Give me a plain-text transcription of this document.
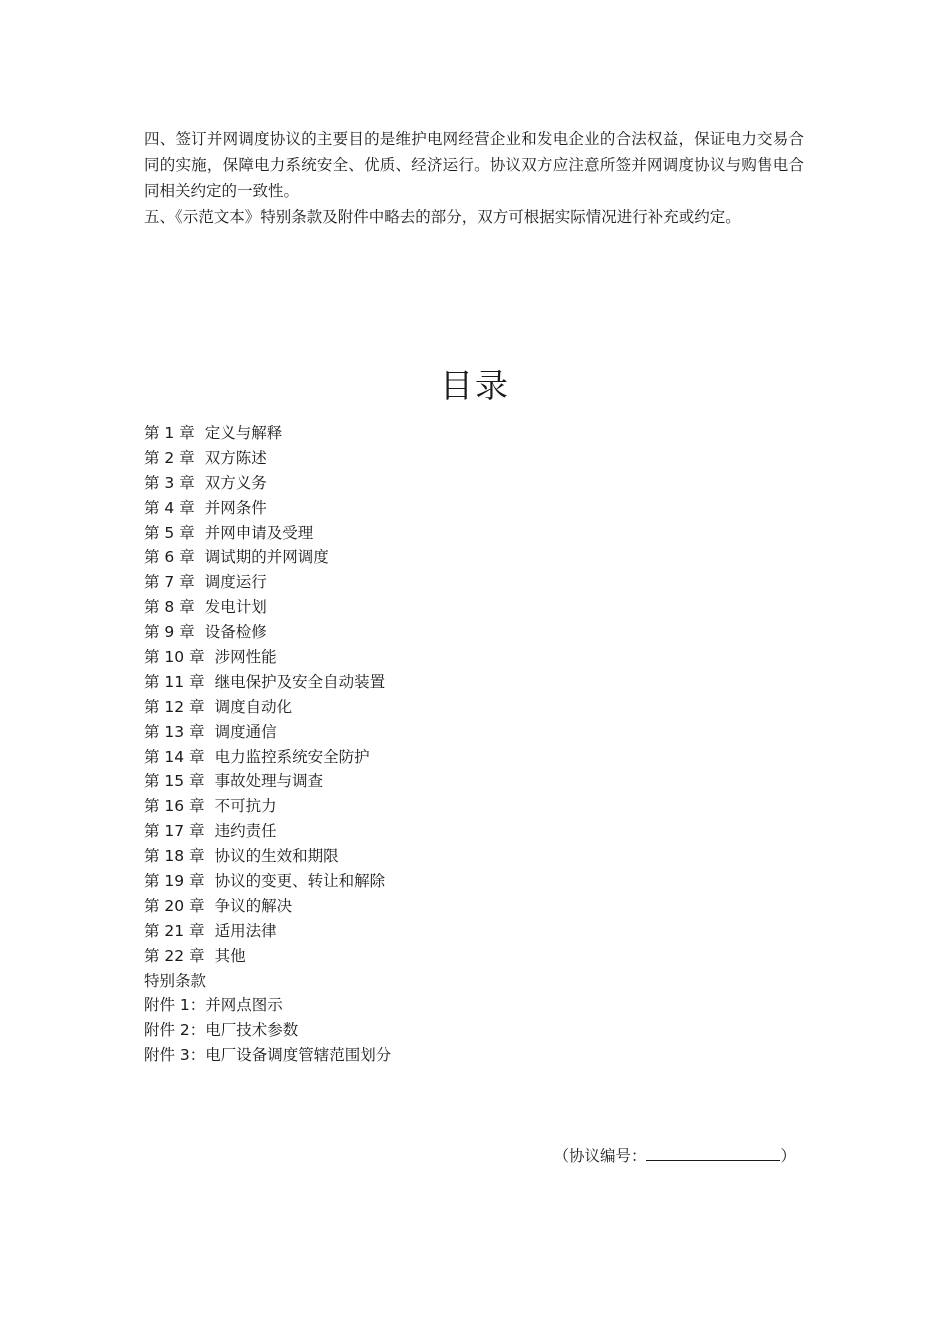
四、签订并网调度协议的主要目的是维护电网经营企业和发电企业的合法权益，保证电力交易合同的实施，保障电力系统安全、优质、经济运行。协议双方应注意所签并网调度协议与购售电合同相关约定的一致性。

五、《示范文本》特别条款及附件中略去的部分，双方可根据实际情况进行补充或约定。

目录
第 1 章 定义与解释
第 2 章 双方陈述
第 3 章 双方义务
第 4 章 并网条件
第 5 章 并网申请及受理
第 6 章 调试期的并网调度
第 7 章 调度运行
第 8 章 发电计划
第 9 章 设备检修
第 10 章 涉网性能
第 11 章 继电保护及安全自动装置
第 12 章 调度自动化
第 13 章 调度通信
第 14 章 电力监控系统安全防护
第 15 章 事故处理与调查
第 16 章 不可抗力
第 17 章 违约责任
第 18 章 协议的生效和期限
第 19 章 协议的变更、转让和解除
第 20 章 争议的解决
第 21 章 适用法律
第 22 章 其他
特别条款
附件 1：并网点图示
附件 2：电厂技术参数
附件 3：电厂设备调度管辖范围划分
（协议编号：	）
